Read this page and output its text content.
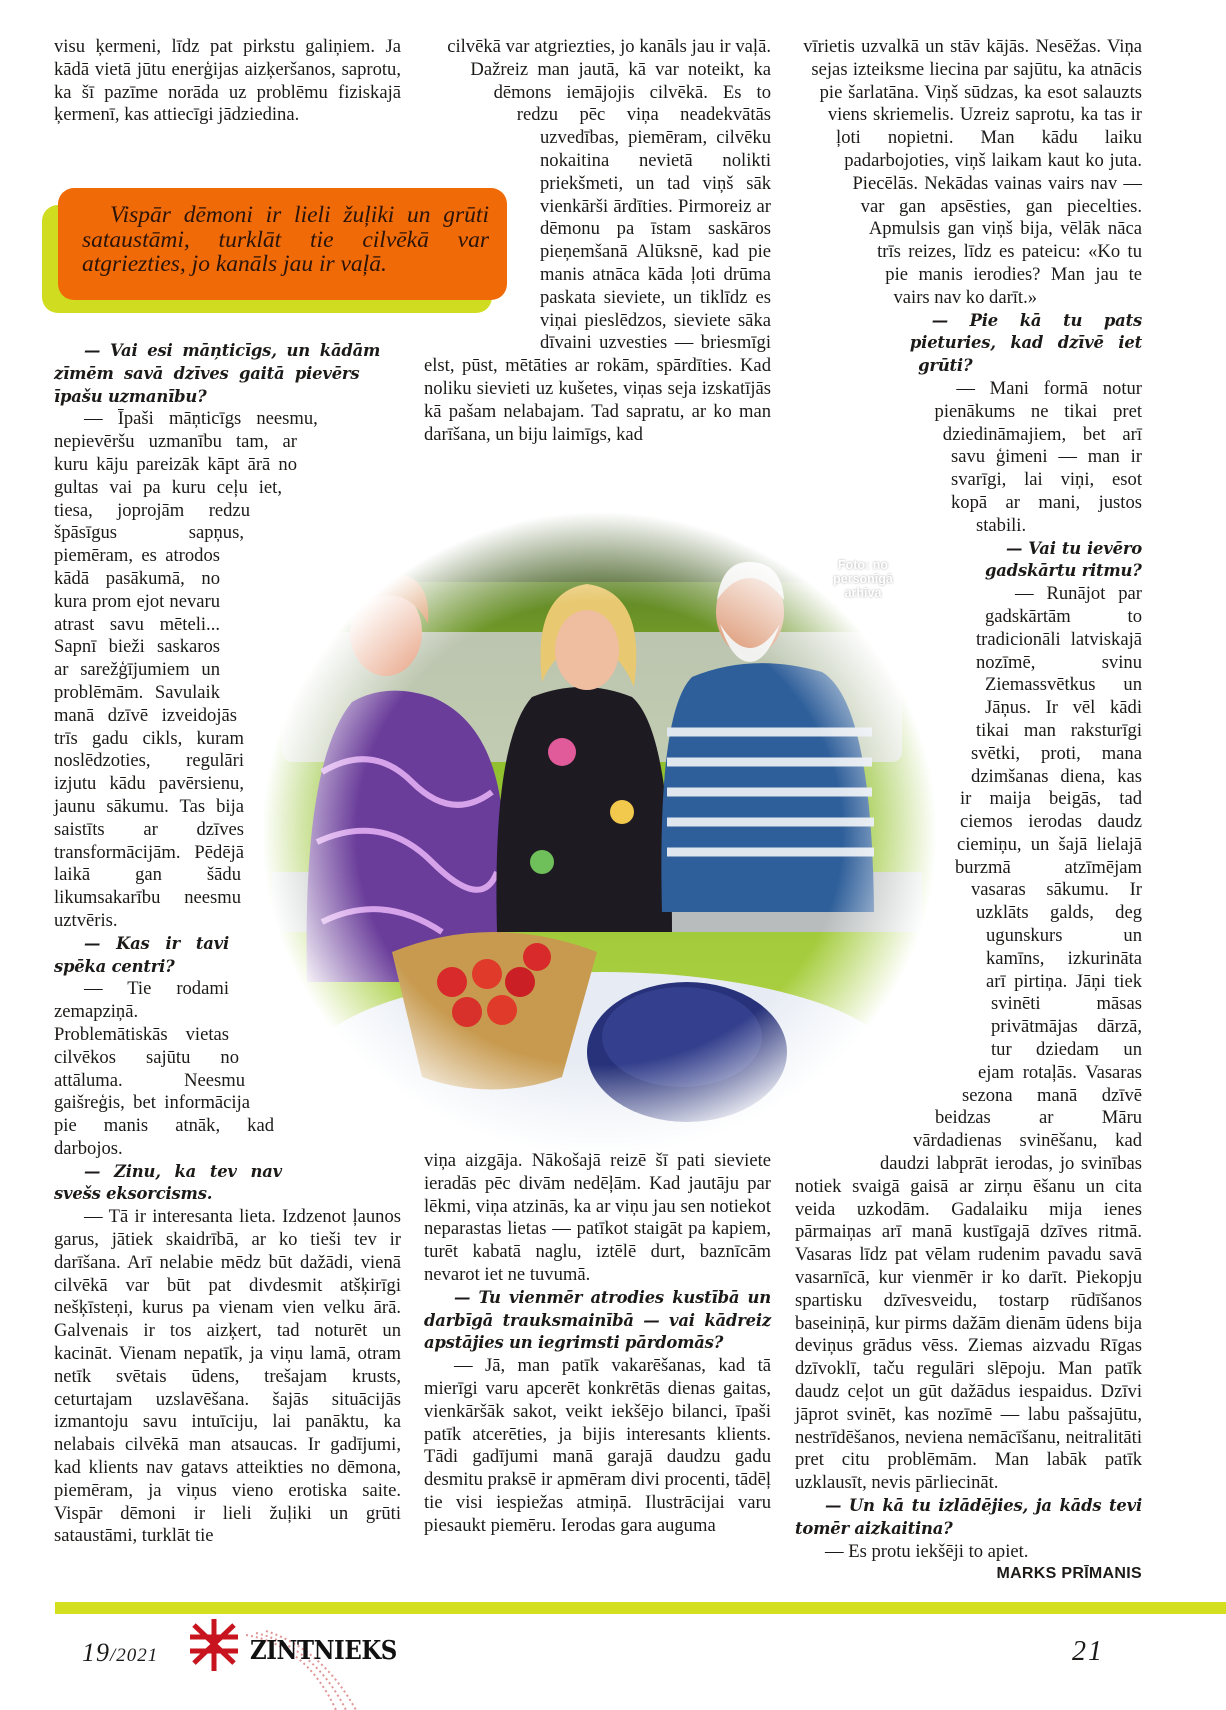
Foto: no
personīgā
arhīva

visu ķermeni, līdz pat pirkstu galiņiem. Ja kādā vietā jūtu enerģijas aizķeršanos, saprotu, ka šī pazīme norāda uz problēmu fiziskajā ķermenī, kas attiecīgi jādziedina.

Vispār dēmoni ir lieli žuļiki un grūti sataustāmi, turklāt tie cilvēkā var atgriezties, jo kanāls jau ir vaļā.

— Vai esi māņticīgs, un kādām zīmēm savā dzīves gaitā pievērs īpašu uzmanību?

— Īpaši māņticīgs neesmu, nepievēršu uzmanību tam, ar kuru kāju pareizāk kāpt ārā no gultas vai pa kuru ceļu iet, tiesa, joprojām redzu špāsīgus sapņus, piemēram, es atrodos kādā pasākumā, no kura prom ejot nevaru atrast savu mēteli... Sapnī bieži saskaros ar sarežģījumiem un problēmām. Savulaik manā dzīvē izveidojās trīs gadu cikls, kuram noslēdzoties, regulāri izjutu kādu pavērsienu, jaunu sākumu. Tas bija saistīts ar dzīves transformācijām. Pēdējā laikā gan šādu likumsakarību neesmu uztvēris.

— Kas ir tavi spēka centri?

— Tie rodami zemapziņā. Problemātiskās vietas cilvēkos sajūtu no attāluma. Neesmu gaišreģis, bet informācija pie manis atnāk, kad darbojos.

— Zinu, ka tev nav svešs eksorcisms.

— Tā ir interesanta lieta. Izdzenot ļaunos garus, jātiek skaidrībā, ar ko tieši tev ir darīšana. Arī nelabie mēdz būt dažādi, vienā cilvēkā var būt pat divdesmit atšķirīgi nešķīsteņi, kurus pa vienam vien velku ārā. Galvenais ir tos aizķert, tad noturēt un kacināt. Vienam nepatīk, ja viņu lamā, otram netīk svētais ūdens, trešajam krusts, ceturtajam uzslavēšana. šajās situācijās izmantoju savu intuīciju, lai panāktu, ka nelabais cilvēkā man atsaucas. Ir gadījumi, kad klients nav gatavs atteikties no dēmona, piemēram, ja viņus vieno erotiska saite. Vispār dēmoni ir lieli žuļiki un grūti sataustāmi, turklāt tie

cilvēkā var atgriezties, jo kanāls jau ir vaļā. Dažreiz man jautā, kā var noteikt, ka dēmons iemājojis cilvēkā. Es to redzu pēc viņa neadekvātās uzvedības, piemēram, cilvēku nokaitina nevietā nolikti priekšmeti, un tad viņš sāk vienkārši ārdīties. Pirmoreiz ar dēmonu pa īstam saskāros pieņemšanā Alūksnē, kad pie manis atnāca kāda ļoti drūma paskata sieviete, un tiklīdz es viņai pieslēdzos, sieviete sāka dīvaini uzvesties — briesmīgi elst, pūst, mētāties ar rokām, spārdīties. Kad noliku sievieti uz kušetes, viņas seja izskatījās kā pašam nelabajam. Tad sapratu, ar ko man darīšana, un biju laimīgs, kad

viņa aizgāja. Nākošajā reizē šī pati sieviete ieradās pēc divām nedēļām. Kad jautāju par lēkmi, viņa atzinās, ka ar viņu jau sen notiekot neparastas lietas — patīkot staigāt pa kapiem, turēt kabatā naglu, iztēlē durt, baznīcām nevarot iet ne tuvumā.

— Tu vienmēr atrodies kustībā un darbīgā trauksmainībā — vai kādreiz apstājies un iegrimsti pārdomās?

— Jā, man patīk vakarēšanas, kad tā mierīgi varu apcerēt konkrētās dienas gaitas, vienkāršāk sakot, veikt iekšējo bilanci, īpaši patīk atcerēties, ja bijis interesants klients. Tādi gadījumi manā garajā daudzu gadu desmitu praksē ir apmēram divi procenti, tādēļ tie visi iespiežas atmiņā. Ilustrācijai varu piesaukt piemēru. Ierodas gara auguma

vīrietis uzvalkā un stāv kājās. Nesēžas. Viņa sejas izteiksme liecina par sajūtu, ka atnācis pie šarlatāna. Viņš sūdzas, ka esot salauzts viens skriemelis. Uzreiz saprotu, ka tas ir ļoti nopietni. Man kādu laiku padarbojoties, viņš laikam kaut ko juta. Piecēlās. Nekādas vainas vairs nav — var gan apsēsties, gan piecelties. Apmulsis gan viņš bija, vēlāk nāca trīs reizes, līdz es pateicu: «Ko tu pie manis ierodies? Man jau te vairs nav ko darīt.»

— Pie kā tu pats pieturies, kad dzīvē iet grūti?

— Mani formā notur pienākums ne tikai pret dziedināmajiem, bet arī savu ģimeni — man ir svarīgi, lai viņi, esot kopā ar mani, justos stabili.

— Vai tu ievēro gadskārtu ritmu?

— Runājot par gadskārtām to tradicionāli latviskajā nozīmē, svinu Ziemassvētkus un Jāņus. Ir vēl kādi tikai man raksturīgi svētki, proti, mana dzimšanas diena, kas ir maija beigās, tad ciemos ierodas daudz ciemiņu, un šajā lielajā burzmā atzīmējam vasaras sākumu. Ir uzklāts galds, deg ugunskurs un kamīns, izkurināta arī pirtiņa. Jāņi tiek svinēti māsas privātmājas dārzā, tur dziedam un ejam rotaļās. Vasaras sezona manā dzīvē beidzas ar Māru vārdadienas svinēšanu, kad daudzi labprāt ierodas, jo svinības notiek svaigā gaisā ar zirņu ēšanu un cita veida uzkodām. Gadalaiku mija ienes pārmaiņas arī manā kustīgajā dzīves ritmā. Vasaras līdz pat vēlam rudenim pavadu savā vasarnīcā, kur vienmēr ir ko darīt. Piekopju spartisku dzīvesveidu, tostarp rūdīšanos baseiniņā, kur pirms dažām dienām ūdens bija deviņus grādus vēss. Ziemas aizvadu Rīgas dzīvoklī, taču regulāri slēpoju. Man patīk daudz ceļot un gūt dažādus iespaidus. Dzīvi jāprot svinēt, kas nozīmē — labu pašsajūtu, nestrīdēšanos, neviena nemācīšanu, neitralitāti pret citu problēmām. Man labāk patīk uzklausīt, nevis pārliecināt.

— Un kā tu izlādējies, ja kāds tevi tomēr aizkaitina?

— Es protu iekšēji to apiet.

MARKS PRĪMANIS

19/2021	ZINTNIEKS	21
